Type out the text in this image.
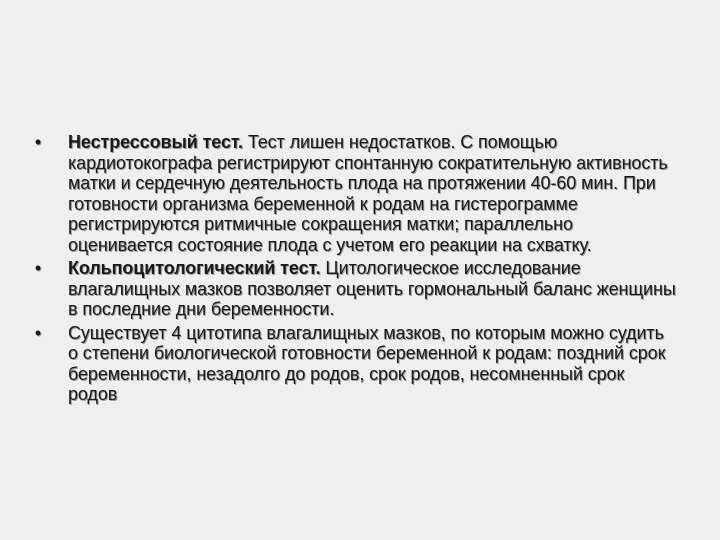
•	Нестрессовый тест. Тест лишен недостатков. С помощью кардиотокографа регистрируют спонтанную сократительную активность матки и сердечную деятельность плода на протяжении 40-60 мин. При готовности организма беременной к родам на гистерограмме регистрируются ритмичные сокращения матки; параллельно оценивается состояние плода с учетом его реакции на схватку.
•	Кольпоцитологический тест. Цитологическое исследование влагалищных мазков позволяет оценить гормональный баланс женщины в последние дни беременности.
•	Существует 4 цитотипа влагалищных мазков, по которым можно судить о степени биологической готовности беременной к родам: поздний срок беременности, незадолго до родов, срок родов, несомненный срок родов
